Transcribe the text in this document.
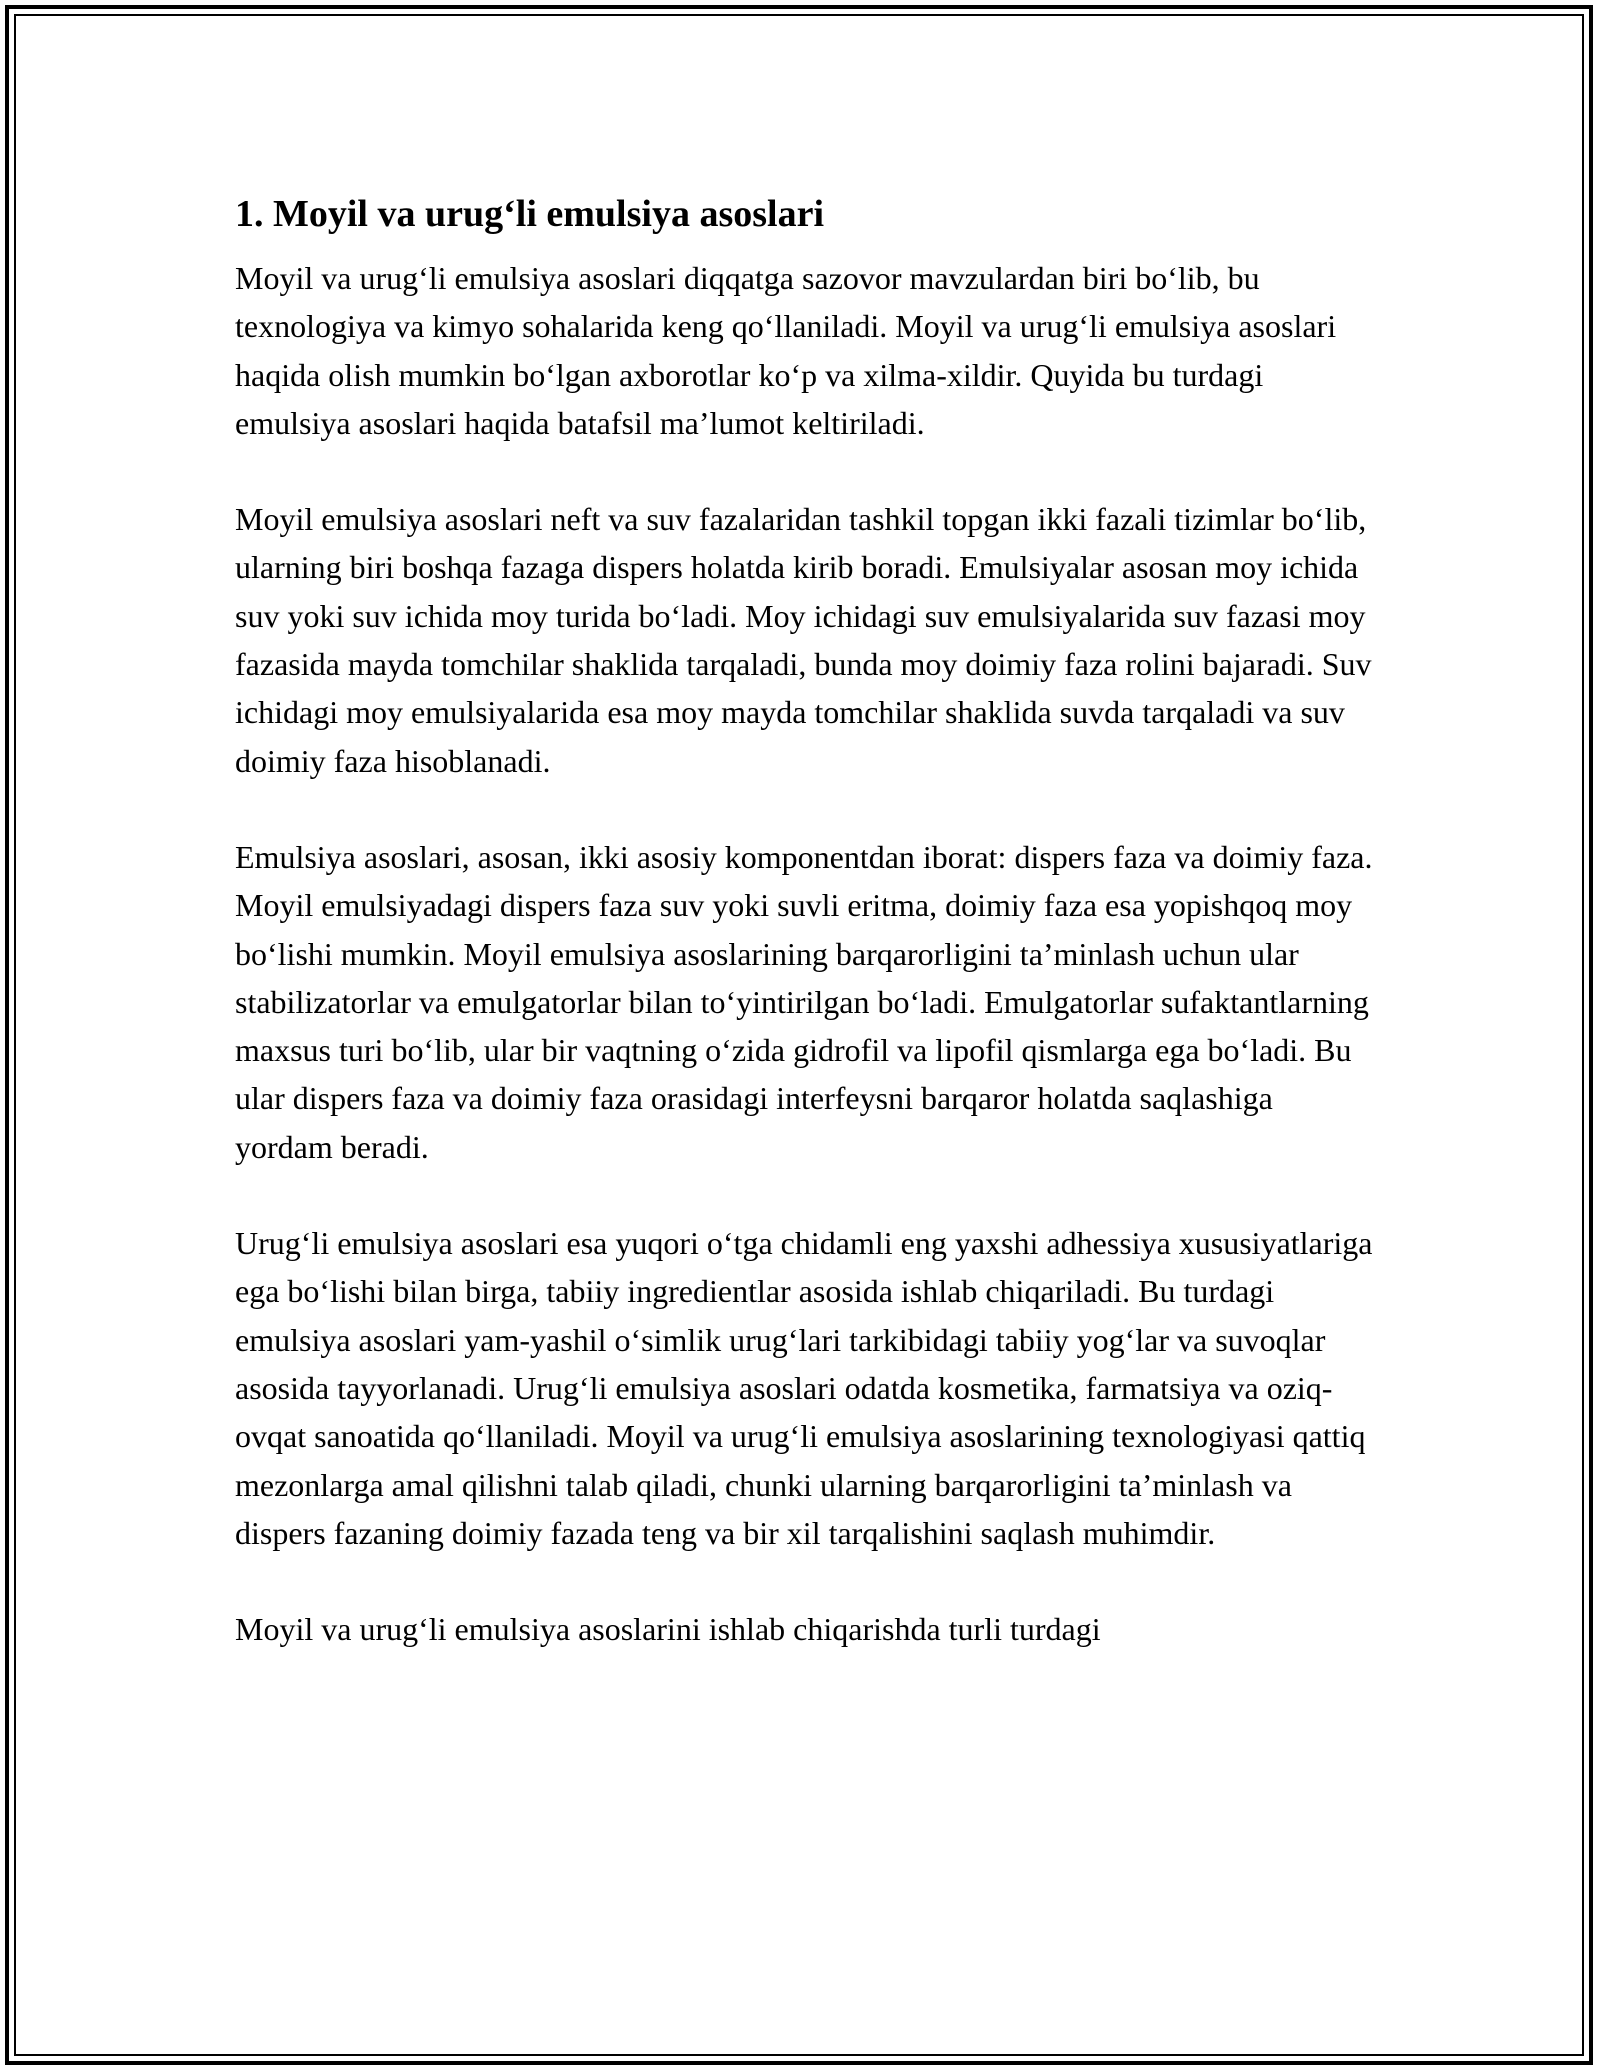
1. Moyil va urug‘li emulsiya asoslari

Moyil va urug‘li emulsiya asoslari diqqatga sazovor mavzulardan biri bo‘lib, bu texnologiya va kimyo sohalarida keng qo‘llaniladi. Moyil va urug‘li emulsiya asoslari haqida olish mumkin bo‘lgan axborotlar ko‘p va xilma-xildir. Quyida bu turdagi emulsiya asoslari haqida batafsil ma’lumot keltiriladi.

Moyil emulsiya asoslari neft va suv fazalaridan tashkil topgan ikki fazali tizimlar bo‘lib, ularning biri boshqa fazaga dispers holatda kirib boradi. Emulsiyalar asosan moy ichida suv yoki suv ichida moy turida bo‘ladi. Moy ichidagi suv emulsiyalarida suv fazasi moy fazasida mayda tomchilar shaklida tarqaladi, bunda moy doimiy faza rolini bajaradi. Suv ichidagi moy emulsiyalarida esa moy mayda tomchilar shaklida suvda tarqaladi va suv doimiy faza hisoblanadi.

Emulsiya asoslari, asosan, ikki asosiy komponentdan iborat: dispers faza va doimiy faza. Moyil emulsiyadagi dispers faza suv yoki suvli eritma, doimiy faza esa yopishqoq moy bo‘lishi mumkin. Moyil emulsiya asoslarining barqarorligini ta’minlash uchun ular stabilizatorlar va emulgatorlar bilan to‘yintirilgan bo‘ladi. Emulgatorlar sufaktantlarning maxsus turi bo‘lib, ular bir vaqtning o‘zida gidrofil va lipofil qismlarga ega bo‘ladi. Bu ular dispers faza va doimiy faza orasidagi interfeysni barqaror holatda saqlashiga yordam beradi.

Urug‘li emulsiya asoslari esa yuqori o‘tga chidamli eng yaxshi adhessiya xususiyatlariga ega bo‘lishi bilan birga, tabiiy ingredientlar asosida ishlab chiqariladi. Bu turdagi emulsiya asoslari yam-yashil o‘simlik urug‘lari tarkibidagi tabiiy yog‘lar va suvoqlar asosida tayyorlanadi. Urug‘li emulsiya asoslari odatda kosmetika, farmatsiya va oziq-ovqat sanoatida qo‘llaniladi. Moyil va urug‘li emulsiya asoslarining texnologiyasi qattiq mezonlarga amal qilishni talab qiladi, chunki ularning barqarorligini ta’minlash va dispers fazaning doimiy fazada teng va bir xil tarqalishini saqlash muhimdir.

Moyil va urug‘li emulsiya asoslarini ishlab chiqarishda turli turdagi
